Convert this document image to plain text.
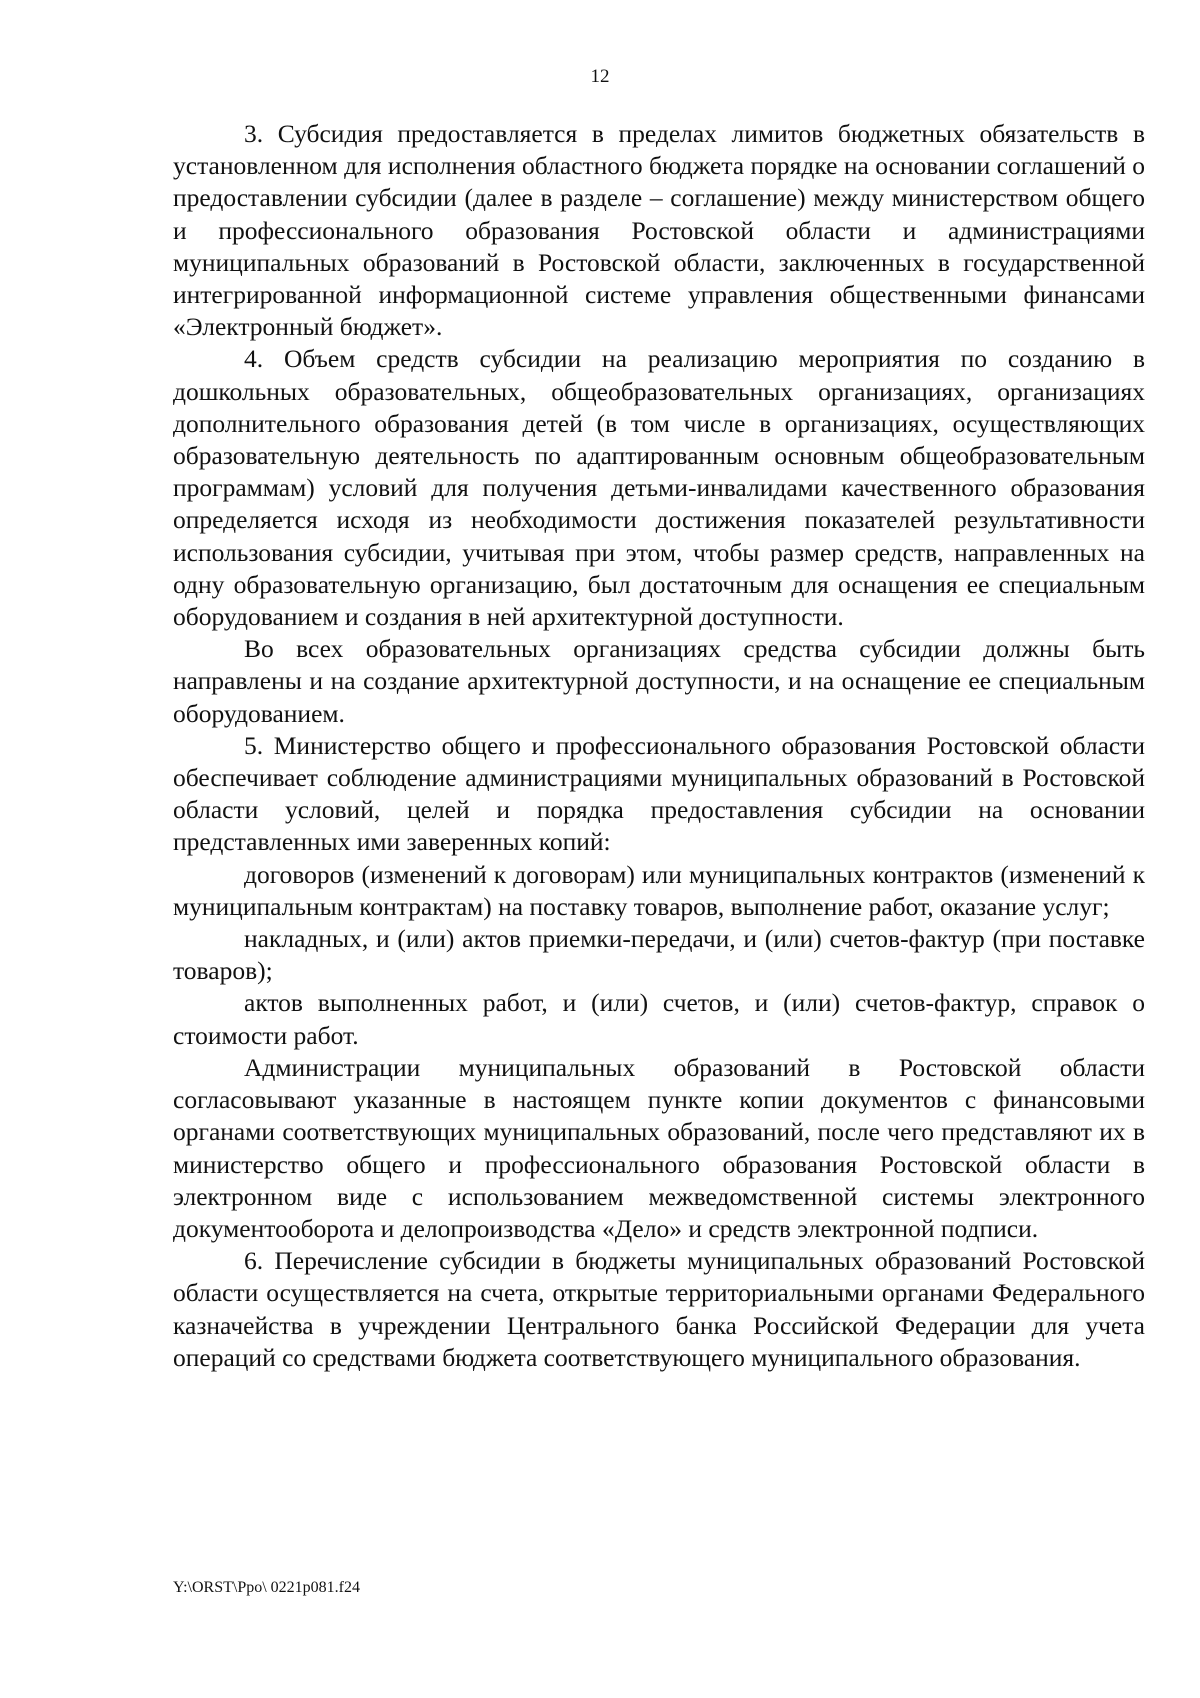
12

3. Субсидия предоставляется в пределах лимитов бюджетных обязательств в установленном для исполнения областного бюджета порядке на основании соглашений о предоставлении субсидии (далее в разделе – соглашение) между министерством общего и профессионального образования Ростовской области и администрациями муниципальных образований в Ростовской области, заключенных в государственной интегрированной информационной системе управления общественными финансами «Электронный бюджет».

4. Объем средств субсидии на реализацию мероприятия по созданию в дошкольных образовательных, общеобразовательных организациях, организациях дополнительного образования детей (в том числе в организациях, осуществляющих образовательную деятельность по адаптированным основным общеобразовательным программам) условий для получения детьми-инвалидами качественного образования определяется исходя из необходимости достижения показателей результативности использования субсидии, учитывая при этом, чтобы размер средств, направленных на одну образовательную организацию, был достаточным для оснащения ее специальным оборудованием и создания в ней архитектурной доступности.

Во всех образовательных организациях средства субсидии должны быть направлены и на создание архитектурной доступности, и на оснащение ее специальным оборудованием.

5. Министерство общего и профессионального образования Ростовской области обеспечивает соблюдение администрациями муниципальных образований в Ростовской области условий, целей и порядка предоставления субсидии на основании представленных ими заверенных копий:

договоров (изменений к договорам) или муниципальных контрактов (изменений к муниципальным контрактам) на поставку товаров, выполнение работ, оказание услуг;

накладных, и (или) актов приемки-передачи, и (или) счетов-фактур (при поставке товаров);

актов выполненных работ, и (или) счетов, и (или) счетов-фактур, справок о стоимости работ.

Администрации муниципальных образований в Ростовской области согласовывают указанные в настоящем пункте копии документов с финансовыми органами соответствующих муниципальных образований, после чего представляют их в министерство общего и профессионального образования Ростовской области в электронном виде с использованием межведомственной системы электронного документооборота и делопроизводства «Дело» и средств электронной подписи.

6. Перечисление субсидии в бюджеты муниципальных образований Ростовской области осуществляется на счета, открытые территориальными органами Федерального казначейства в учреждении Центрального банка Российской Федерации для учета операций со средствами бюджета соответствующего муниципального образования.

Y:\ORST\Ppo\ 0221p081.f24
